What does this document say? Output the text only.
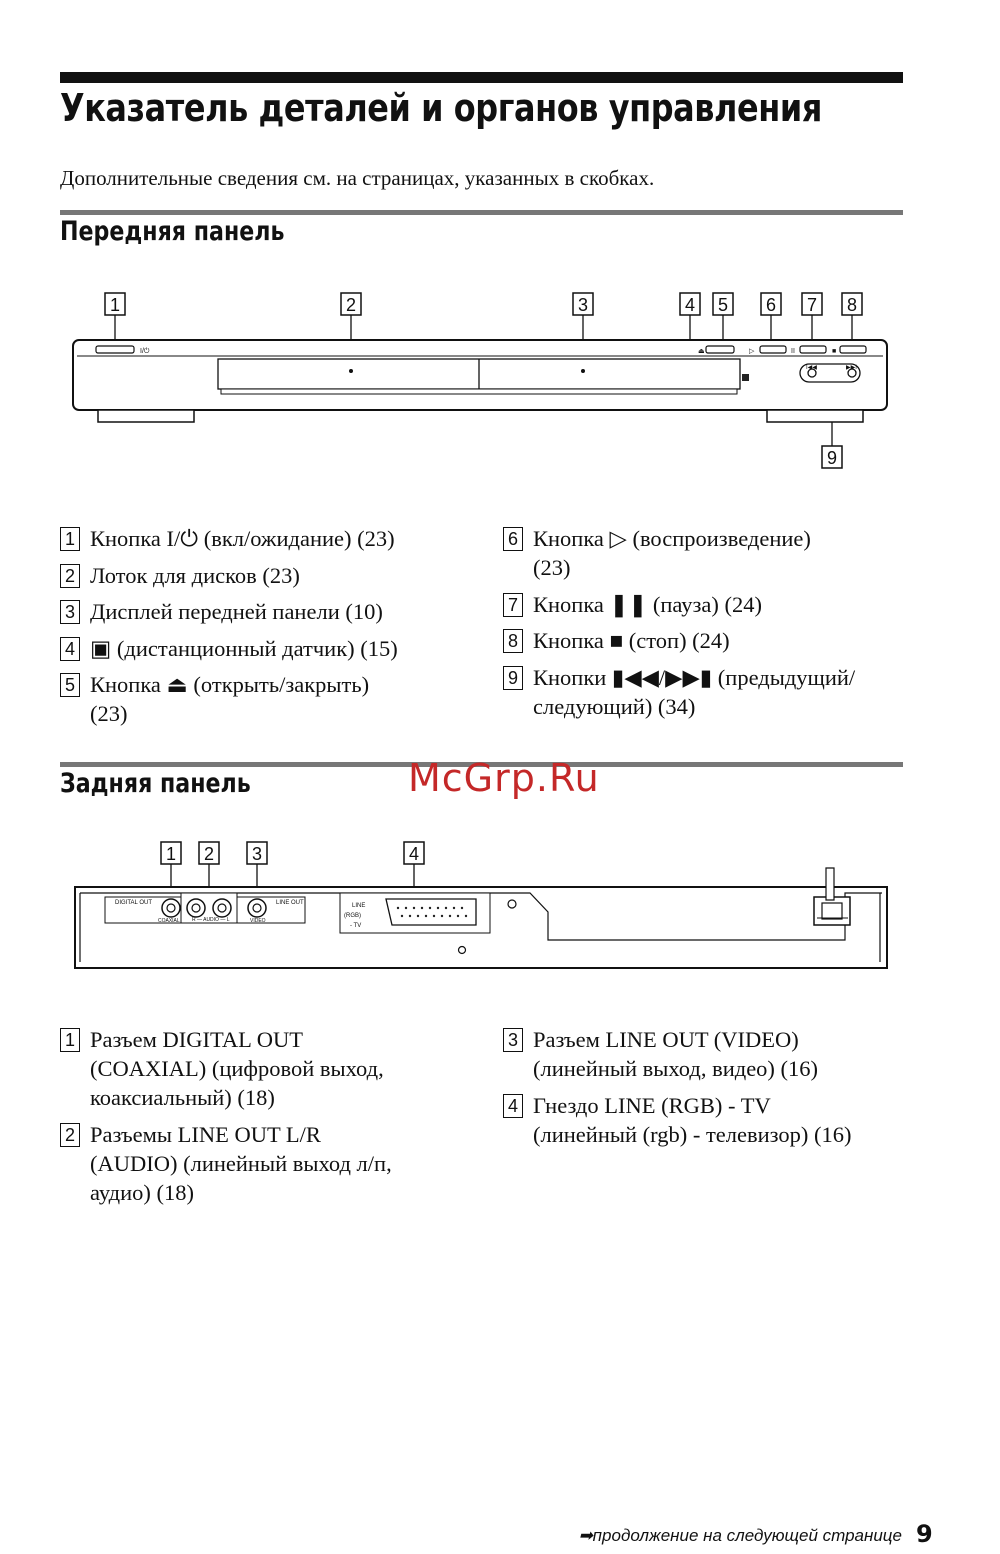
Указатель деталей и органов управления
Дополнительные сведения см. на страницах, указанных в скобках.
Передняя панель
1	2	3	4 5 6 7 8
9
I/⏻	⏏	▷	II	■
I◀◀	▶▶I
1 Кнопка I/⏻ (вкл/ожидание) (23)
2 Лоток для дисков (23)
3 Дисплей передней панели (10)
4 ▣ (дистанционный датчик) (15)
5 Кнопка ⏏ (открыть/закрыть)
(23)
6 Кнопка ▷ (воспроизведение)
(23)
7 Кнопка ❚❚ (пауза) (24)
8 Кнопка ■ (стоп) (24)
9 Кнопки ▮◀◀/▶▶▮ (предыдущий/
следующий) (34)
Задняя панель	McGrp.Ru
1 2 3	4
DIGITAL OUT
COAXIAL R — AUDIO — L
LINE OUT
VIDEO
LINE
(RGB)
- TV
1 Разъем DIGITAL OUT
(COAXIAL) (цифровой выход,
коаксиальный) (18)
2 Разъемы LINE OUT L/R
(AUDIO) (линейный выход л/п,
аудио) (18)
3 Разъем LINE OUT (VIDEO)
(линейный выход, видео) (16)
4 Гнездо LINE (RGB) - TV
(линейный (rgb) - телевизор) (16)
➡продолжение на следующей странице 9
